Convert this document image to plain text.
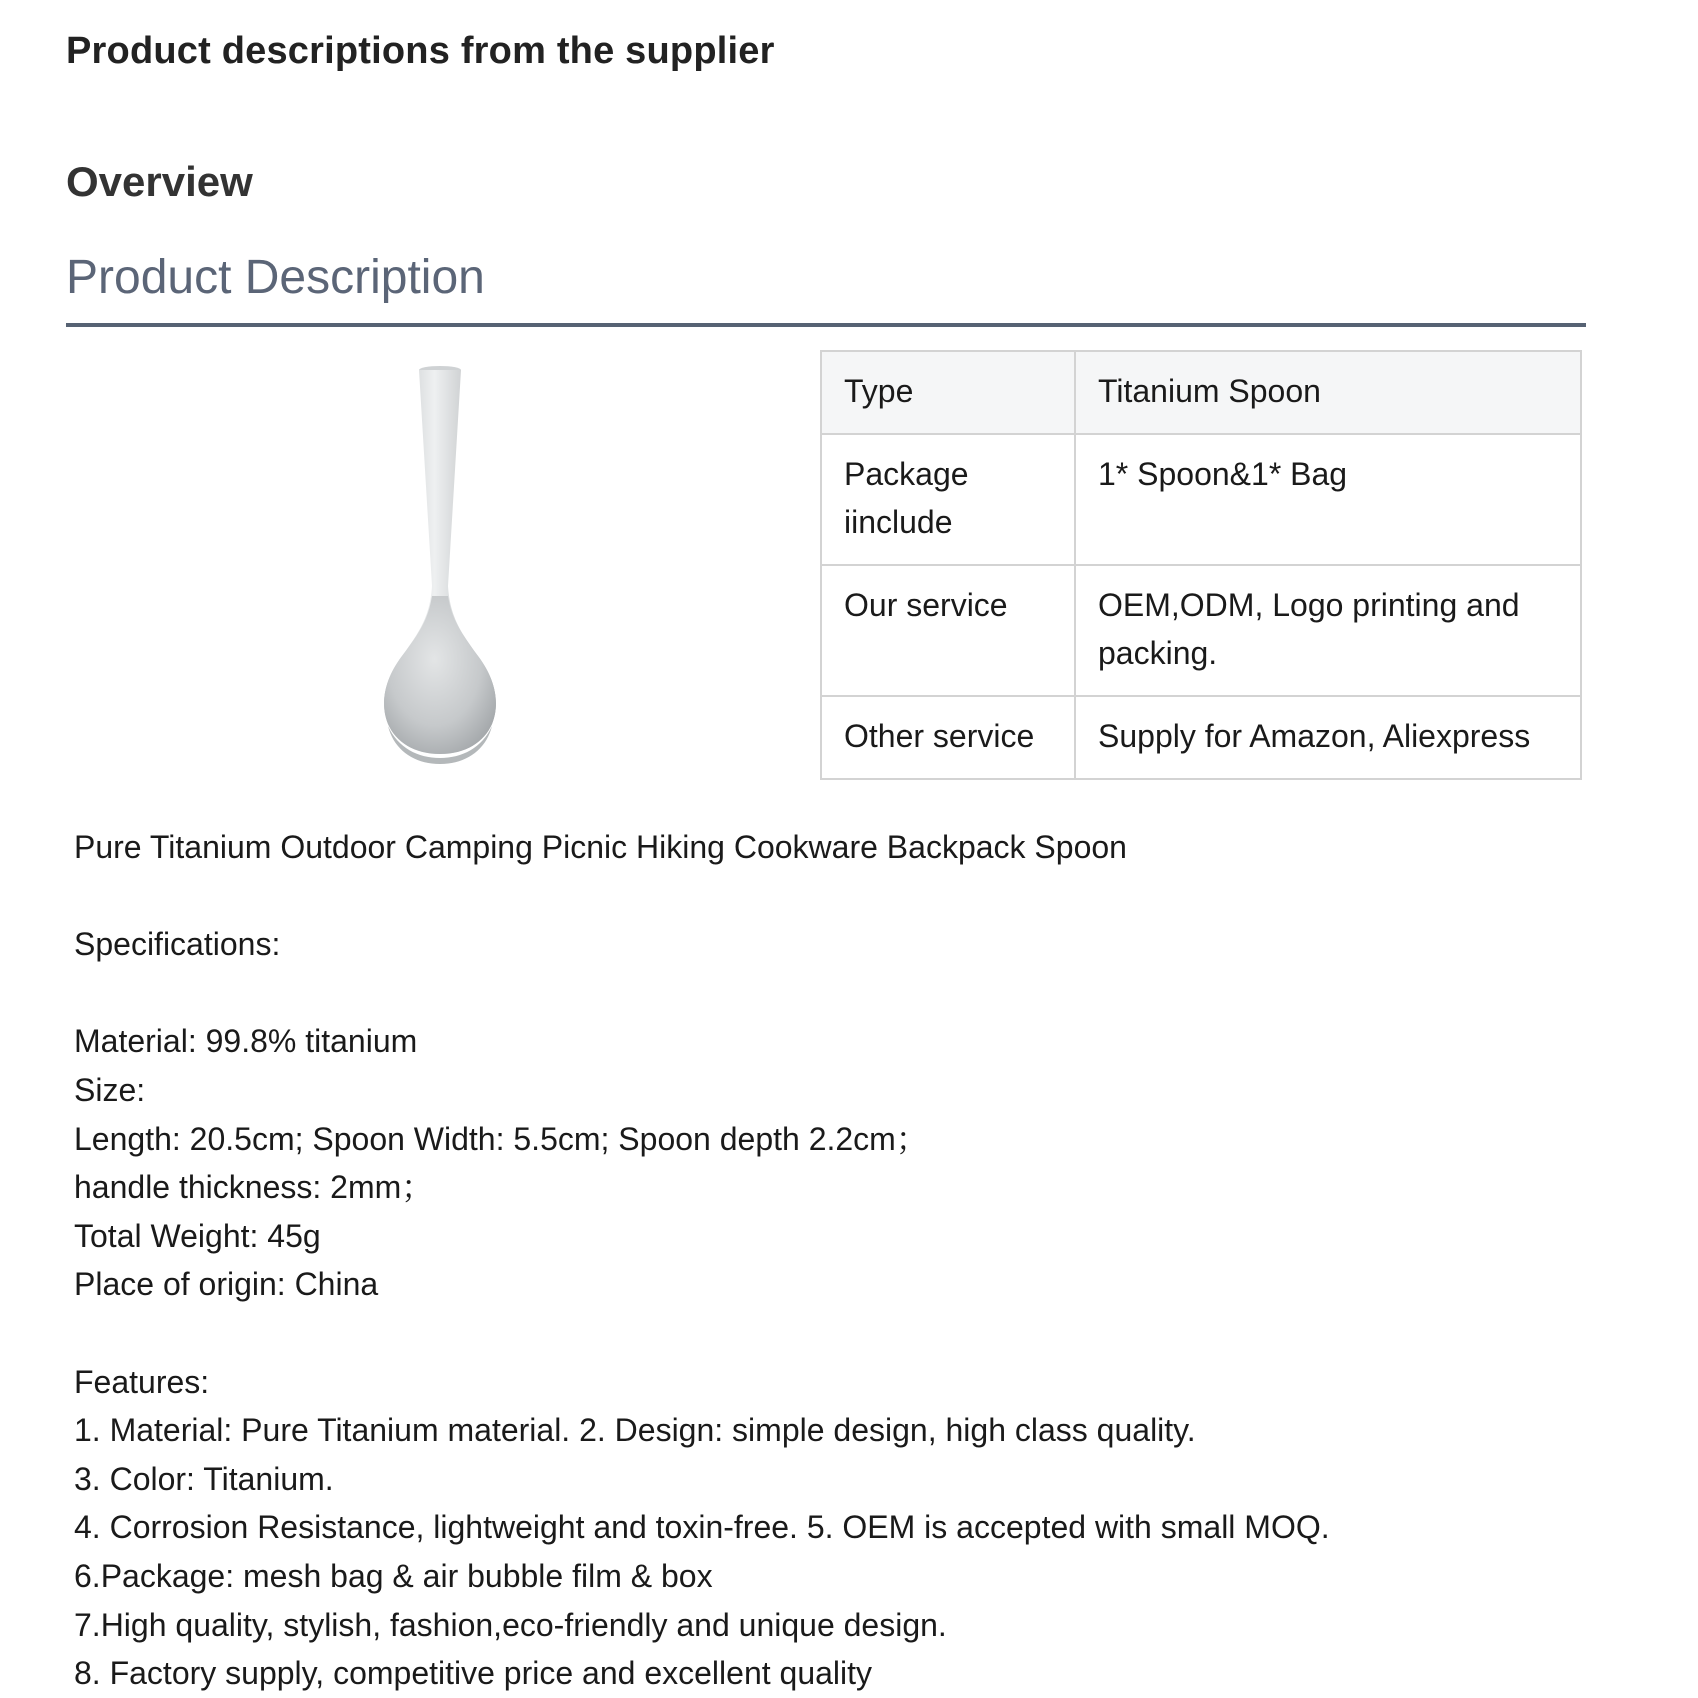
Product descriptions from the supplier
Overview
Product Description
Type	Titanium Spoon
Package iinclude	1* Spoon&1* Bag
Our service	OEM,ODM, Logo printing and packing.
Other service	Supply for Amazon, Aliexpress
Pure Titanium Outdoor Camping Picnic Hiking Cookware Backpack Spoon
Specifications:
Material: 99.8% titanium
Size:
Length: 20.5cm; Spoon Width: 5.5cm; Spoon depth 2.2cm；
handle thickness: 2mm；
Total Weight: 45g
Place of origin: China
Features:
1. Material: Pure Titanium material. 2. Design: simple design, high class quality.
3. Color: Titanium.
4. Corrosion Resistance, lightweight and toxin-free. 5. OEM is accepted with small MOQ.
6.Package: mesh bag & air bubble film & box
7.High quality, stylish, fashion,eco-friendly and unique design.
8. Factory supply, competitive price and excellent quality
